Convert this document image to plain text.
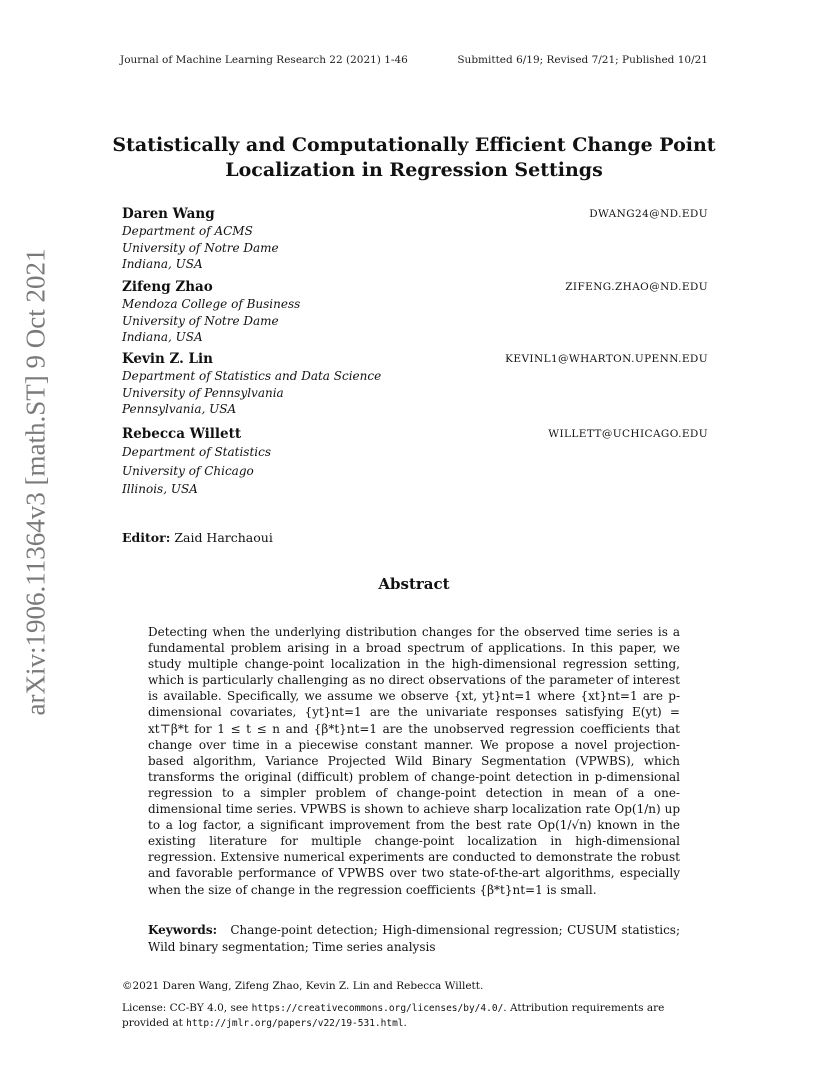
Journal of Machine Learning Research 22 (2021) 1-46	Submitted 6/19; Revised 7/21; Published 10/21
Statistically and Computationally Efficient Change Point
Localization in Regression Settings
Daren Wang	DWANG24@ND.EDU
Department of ACMS
University of Notre Dame
Indiana, USA
Zifeng Zhao	ZIFENG.ZHAO@ND.EDU
Mendoza College of Business
University of Notre Dame
Indiana, USA
Kevin Z. Lin	KEVINL1@WHARTON.UPENN.EDU
Department of Statistics and Data Science
University of Pennsylvania
Pennsylvania, USA
Rebecca Willett	WILLETT@UCHICAGO.EDU
Department of Statistics
University of Chicago
Illinois, USA
Editor: Zaid Harchaoui
Abstract
Detecting when the underlying distribution changes for the observed time series is a fundamental problem arising in a broad spectrum of applications. In this paper, we study multiple change-point localization in the high-dimensional regression setting, which is particularly challenging as no direct observations of the parameter of interest is available. Specifically, we assume we observe {xt, yt}nt=1 where {xt}nt=1 are p-dimensional covariates, {yt}nt=1 are the univariate responses satisfying E(yt) = xt⊤β*t for 1 ≤ t ≤ n and {β*t}nt=1 are the unobserved regression coefficients that change over time in a piecewise constant manner. We propose a novel projection-based algorithm, Variance Projected Wild Binary Segmentation (VPWBS), which transforms the original (difficult) problem of change-point detection in p-dimensional regression to a simpler problem of change-point detection in mean of a one-dimensional time series. VPWBS is shown to achieve sharp localization rate Op(1/n) up to a log factor, a significant improvement from the best rate Op(1/√n) known in the existing literature for multiple change-point localization in high-dimensional regression. Extensive numerical experiments are conducted to demonstrate the robust and favorable performance of VPWBS over two state-of-the-art algorithms, especially when the size of change in the regression coefficients {β*t}nt=1 is small.
Keywords: Change-point detection; High-dimensional regression; CUSUM statistics; Wild binary segmentation; Time series analysis
©2021 Daren Wang, Zifeng Zhao, Kevin Z. Lin and Rebecca Willett.
License: CC-BY 4.0, see https://creativecommons.org/licenses/by/4.0/. Attribution requirements are provided at http://jmlr.org/papers/v22/19-531.html.
arXiv:1906.11364v3 [math.ST] 9 Oct 2021
